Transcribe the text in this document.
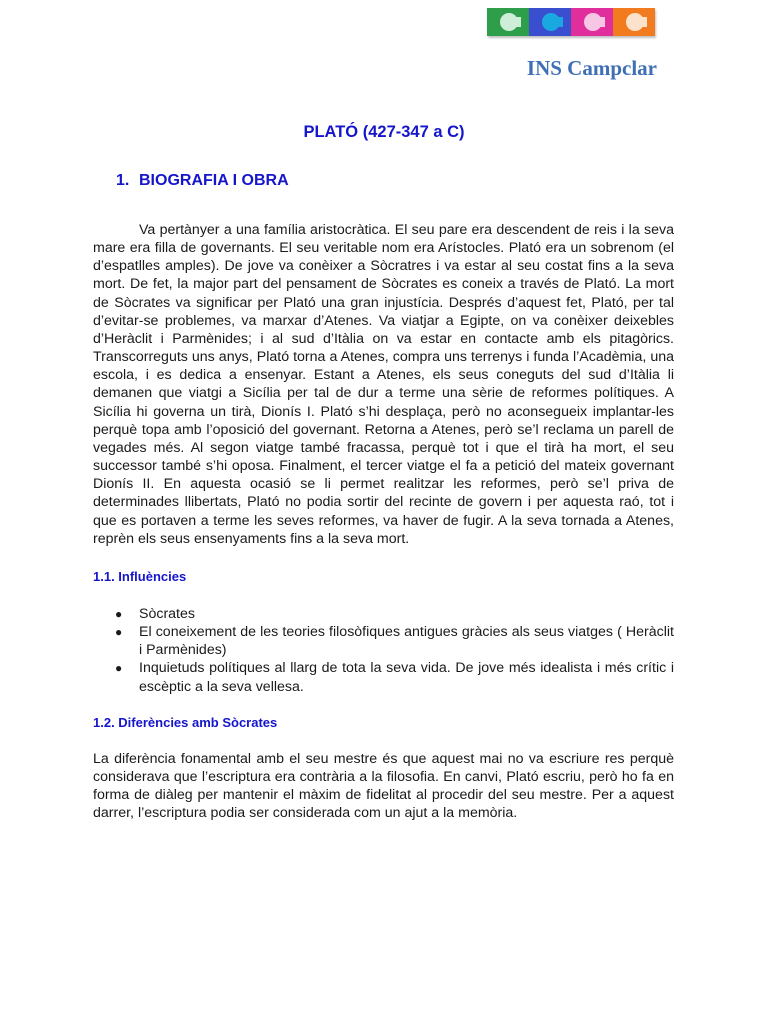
INS Campclar
PLATÓ (427-347 a C)
1. BIOGRAFIA I OBRA

Va pertànyer a una família aristocràtica. El seu pare era descendent de reis i la seva mare era filla de governants. El seu veritable nom era Arístocles. Plató era un sobrenom (el d’espatlles amples). De jove va conèixer a Sòcratres i va estar al seu costat fins a la seva mort. De fet, la major part del pensament de Sòcrates es coneix a través de Plató. La mort de Sòcrates va significar per Plató una gran injustícia. Després d’aquest fet, Plató, per tal d’evitar-se problemes, va marxar d’Atenes. Va viatjar a Egipte, on va conèixer deixebles d’Heràclit i Parmènides; i al sud d’Itàlia on va estar en contacte amb els pitagòrics. Transcorreguts uns anys, Plató torna a Atenes, compra uns terrenys i funda l’Acadèmia, una escola, i es dedica a ensenyar. Estant a Atenes, els seus coneguts del sud d’Itàlia li demanen que viatgi a Sicília per tal de dur a terme una sèrie de reformes polítiques. A Sicília hi governa un tirà, Dionís I. Plató s’hi desplaça, però no aconsegueix implantar-les perquè topa amb l’oposició del governant. Retorna a Atenes, però se’l reclama un parell de vegades més. Al segon viatge també fracassa, perquè tot i que el tirà ha mort, el seu successor també s’hi oposa. Finalment, el tercer viatge el fa a petició del mateix governant Dionís II. En aquesta ocasió se li permet realitzar les reformes, però se’l priva de determinades llibertats, Plató no podia sortir del recinte de govern i per aquesta raó, tot i que es portaven a terme les seves reformes, va haver de fugir. A la seva tornada a Atenes, reprèn els seus ensenyaments fins a la seva mort.

1.1. Influències
● Sòcrates
● El coneixement de les teories filosòfiques antigues gràcies als seus viatges ( Heràclit i Parmènides)
● Inquietuds polítiques al llarg de tota la seva vida. De jove més idealista i més crític i escèptic a la seva vellesa.
1.2. Diferències amb Sòcrates

La diferència fonamental amb el seu mestre és que aquest mai no va escriure res perquè considerava que l’escriptura era contrària a la filosofia. En canvi, Plató escriu, però ho fa en forma de diàleg per mantenir el màxim de fidelitat al procedir del seu mestre. Per a aquest darrer, l’escriptura podia ser considerada com un ajut a la memòria.
